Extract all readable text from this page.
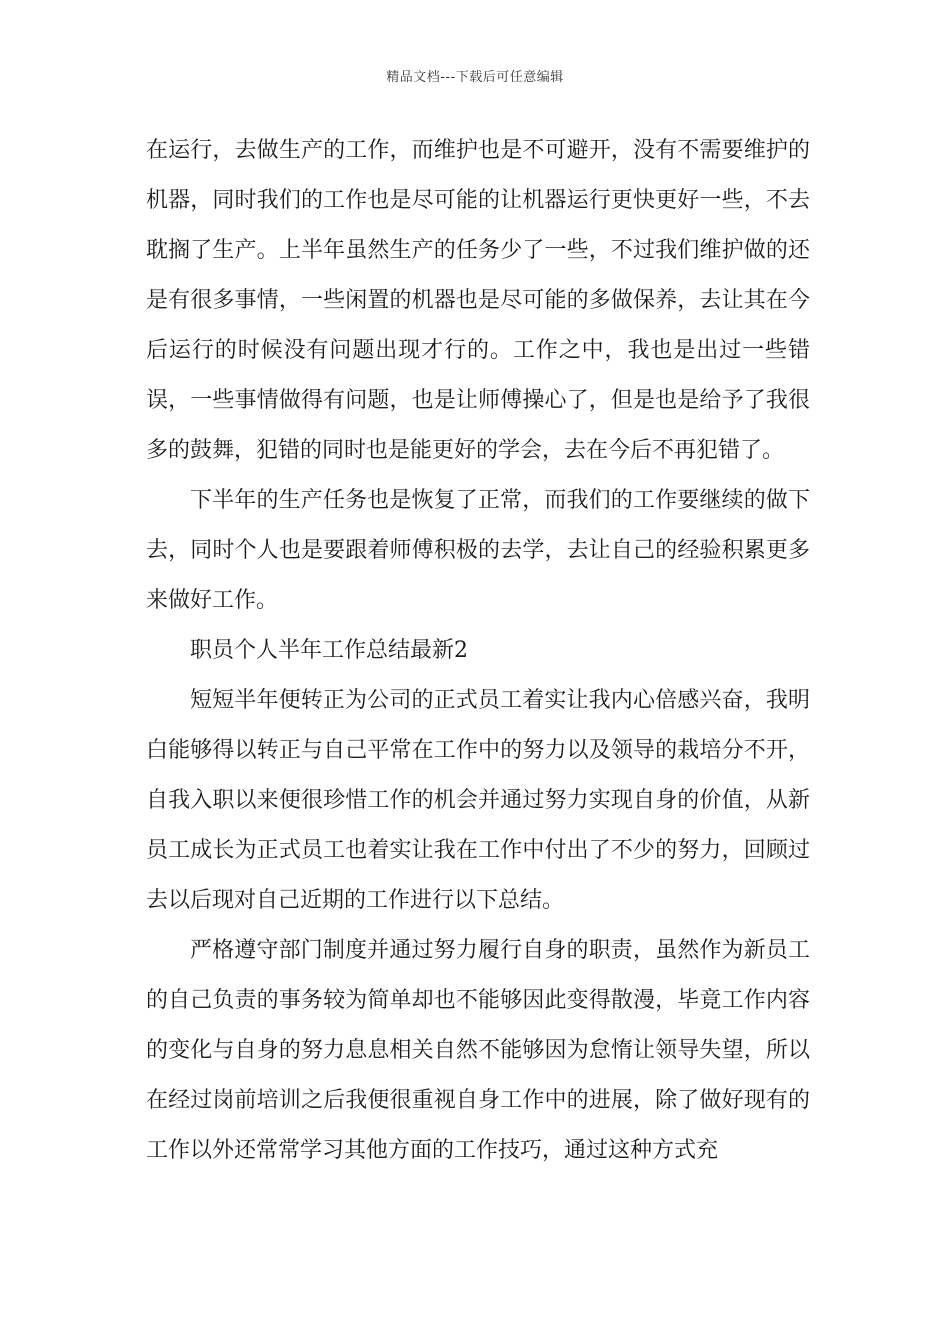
精品文档---下载后可任意编辑

在运行，去做生产的工作，而维护也是不可避开，没有不需要维护的机器，同时我们的工作也是尽可能的让机器运行更快更好一些，不去耽搁了生产。上半年虽然生产的任务少了一些，不过我们维护做的还是有很多事情，一些闲置的机器也是尽可能的多做保养，去让其在今后运行的时候没有问题出现才行的。工作之中，我也是出过一些错误，一些事情做得有问题，也是让师傅操心了，但是也是给予了我很多的鼓舞，犯错的同时也是能更好的学会，去在今后不再犯错了。

下半年的生产任务也是恢复了正常，而我们的工作要继续的做下去，同时个人也是要跟着师傅积极的去学，去让自己的经验积累更多来做好工作。

职员个人半年工作总结最新2

短短半年便转正为公司的正式员工着实让我内心倍感兴奋，我明白能够得以转正与自己平常在工作中的努力以及领导的栽培分不开，自我入职以来便很珍惜工作的机会并通过努力实现自身的价值，从新员工成长为正式员工也着实让我在工作中付出了不少的努力，回顾过去以后现对自己近期的工作进行以下总结。

严格遵守部门制度并通过努力履行自身的职责，虽然作为新员工的自己负责的事务较为简单却也不能够因此变得散漫，毕竟工作内容的变化与自身的努力息息相关自然不能够因为怠惰让领导失望，所以在经过岗前培训之后我便很重视自身工作中的进展，除了做好现有的工作以外还常常学习其他方面的工作技巧，通过这种方式充
